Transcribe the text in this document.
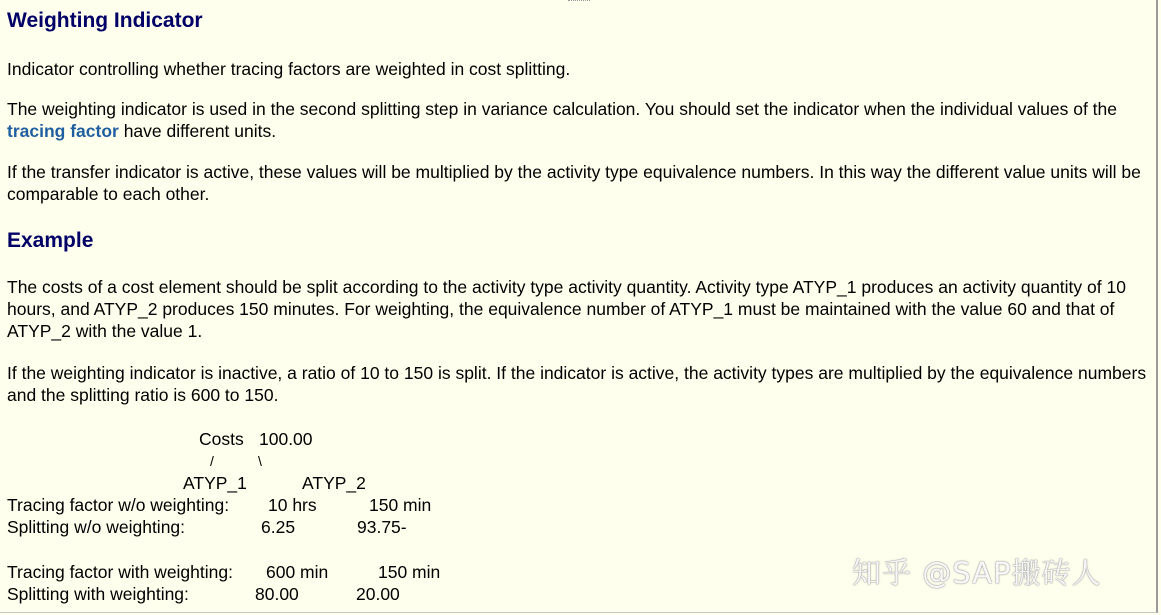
Weighting Indicator

Indicator controlling whether tracing factors are weighted in cost splitting.

The weighting indicator is used in the second splitting step in variance calculation. You should set the indicator when the individual values of the tracing factor have different units.

If the transfer indicator is active, these values will be multiplied by the activity type equivalence numbers. In this way the different value units will be comparable to each other.

Example

The costs of a cost element should be split according to the activity type activity quantity. Activity type ATYP_1 produces an activity quantity of 10 hours, and ATYP_2 produces 150 minutes. For weighting, the equivalence number of ATYP_1 must be maintained with the value 60 and that of ATYP_2 with the value 1.

If the weighting indicator is inactive, a ratio of 10 to 150 is split. If the indicator is active, the activity types are multiplied by the equivalence numbers and the splitting ratio is 600 to 150.

Costs 100.00
/	\
ATYP_1	ATYP_2
Tracing factor w/o weighting: 10 hrs	150 min
Splitting w/o weighting:	6.25	93.75-
Tracing factor with weighting: 600 min	150 min
Splitting with weighting:	80.00	20.00
知乎 @SAP搬砖人
